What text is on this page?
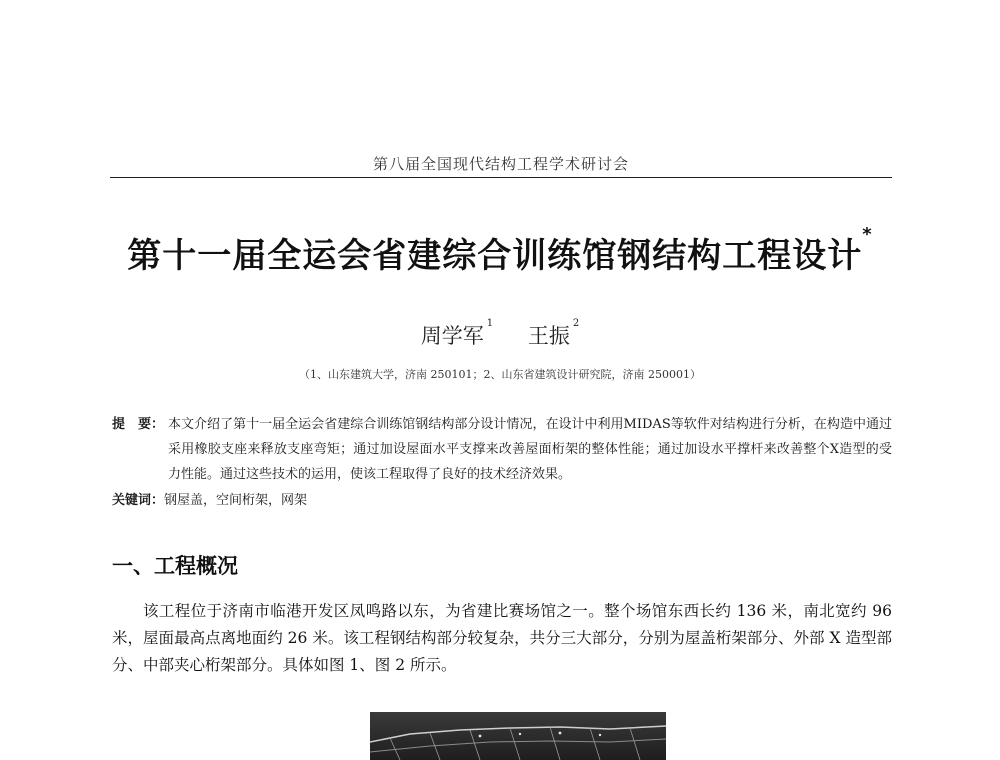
第八届全国现代结构工程学术研讨会
第十一届全运会省建综合训练馆钢结构工程设计*
周学军$^1$ 王振$^2$
（1、山东建筑大学，济南 250101；2、山东省建筑设计研究院，济南 250001）
提　要： 本文介绍了第十一届全运会省建综合训练馆钢结构部分设计情况，在设计中利用MIDAS等软件对结构进行分析，在构造中通过采用橡胶支座来释放支座弯矩；通过加设屋面水平支撑来改善屋面桁架的整体性能；通过加设水平撑杆来改善整个X造型的受力性能。通过这些技术的运用，使该工程取得了良好的技术经济效果。
关键词：钢屋盖，空间桁架，网架
一、工程概况
该工程位于济南市临港开发区凤鸣路以东，为省建比赛场馆之一。整个场馆东西长约 136 米，南北宽约 96 米，屋面最高点离地面约 26 米。该工程钢结构部分较复杂，共分三大部分，分别为屋盖桁架部分、外部 X 造型部分、中部夹心桁架部分。具体如图 1、图 2 所示。
